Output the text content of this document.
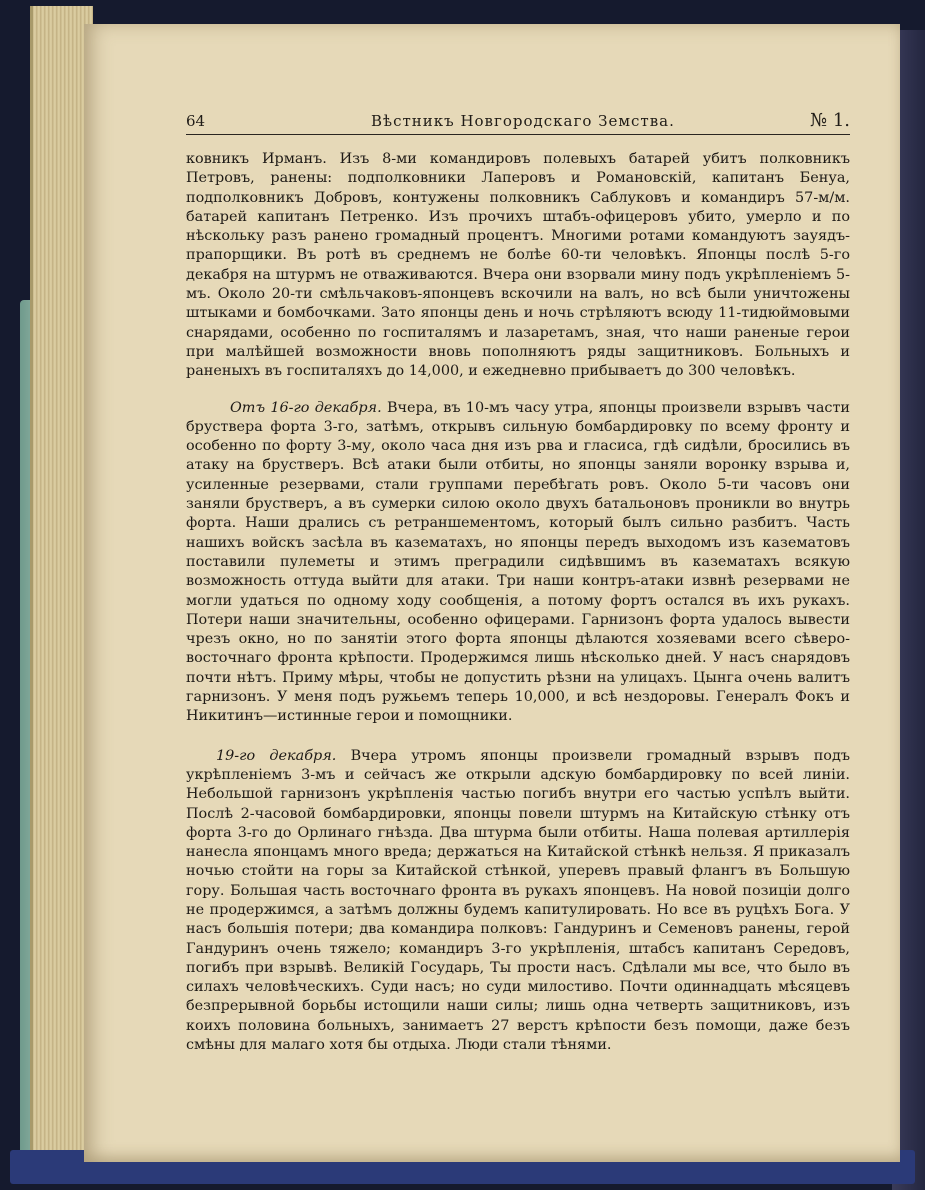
64	Вѣстникъ Новгородскаго Земства.	№ 1.

ковникъ Ирманъ. Изъ 8-ми командировъ полевыхъ батарей убитъ полковникъ Петровъ, ранены: подполковники Лаперовъ и Романовскій, капитанъ Бенуа, подполковникъ Добровъ, контужены полковникъ Саблуковъ и командиръ 57-м/м. батарей капитанъ Петренко. Изъ прочихъ штабъ-офицеровъ убито, умерло и по нѣскольку разъ ранено громадный процентъ. Многими ротами командуютъ зауядъ-прапорщики. Въ ротѣ въ среднемъ не болѣе 60-ти человѣкъ. Японцы послѣ 5-го декабря на штурмъ не отваживаются. Вчера они взорвали мину подъ укрѣпленіемъ 5-мъ. Около 20-ти смѣльчаковъ-японцевъ вскочили на валъ, но всѣ были уничтожены штыками и бомбочками. Зато японцы день и ночь стрѣляютъ всюду 11-тидюймовыми снарядами, особенно по госпиталямъ и лазаретамъ, зная, что наши раненые герои при малѣйшей возможности вновь пополняютъ ряды защитниковъ. Больныхъ и раненыхъ въ госпиталяхъ до 14,000, и ежедневно прибываетъ до 300 человѣкъ.

Отъ 16-го декабря. Вчера, въ 10-мъ часу утра, японцы произвели взрывъ части бруствера форта 3-го, затѣмъ, открывъ сильную бомбардировку по всему фронту и особенно по форту 3-му, около часа дня изъ рва и гласиса, гдѣ сидѣли, бросились въ атаку на брустверъ. Всѣ атаки были отбиты, но японцы заняли воронку взрыва и, усиленные резервами, стали группами перебѣгать ровъ. Около 5-ти часовъ они заняли брустверъ, а въ сумерки силою около двухъ батальоновъ проникли во внутрь форта. Наши дрались съ ретраншементомъ, который былъ сильно разбитъ. Часть нашихъ войскъ засѣла въ казематахъ, но японцы передъ выходомъ изъ казематовъ поставили пулеметы и этимъ преградили сидѣвшимъ въ казематахъ всякую возможность оттуда выйти для атаки. Три наши контръ-атаки извнѣ резервами не могли удаться по одному ходу сообщенія, а потому фортъ остался въ ихъ рукахъ. Потери наши значительны, особенно офицерами. Гарнизонъ форта удалось вывести чрезъ окно, но по занятіи этого форта японцы дѣлаются хозяевами всего сѣверо-восточнаго фронта крѣпости. Продержимся лишь нѣсколько дней. У насъ снарядовъ почти нѣтъ. Приму мѣры, чтобы не допустить рѣзни на улицахъ. Цынга очень валитъ гарнизонъ. У меня подъ ружьемъ теперь 10,000, и всѣ нездоровы. Генералъ Фокъ и Никитинъ—истинные герои и помощники.

19-го декабря. Вчера утромъ японцы произвели громадный взрывъ подъ укрѣпленіемъ 3-мъ и сейчасъ же открыли адскую бомбардировку по всей линіи. Небольшой гарнизонъ укрѣпленія частью погибъ внутри его частью успѣлъ выйти. Послѣ 2-часовой бомбардировки, японцы повели штурмъ на Китайскую стѣнку отъ форта 3-го до Орлинаго гнѣзда. Два штурма были отбиты. Наша полевая артиллерія нанесла японцамъ много вреда; держаться на Китайской стѣнкѣ нельзя. Я приказалъ ночью стойти на горы за Китайской стѣнкой, уперевъ правый флангъ въ Большую гору. Большая часть восточнаго фронта въ рукахъ японцевъ. На новой позиціи долго не продержимся, а затѣмъ должны будемъ капитулировать. Но все въ руцѣхъ Бога. У насъ большія потери; два командира полковъ: Гандуринъ и Семеновъ ранены, герой Гандуринъ очень тяжело; командиръ 3-го укрѣпленія, штабсъ капитанъ Середовъ, погибъ при взрывѣ. Великій Государь, Ты прости насъ. Сдѣлали мы все, что было въ силахъ человѣческихъ. Суди насъ; но суди милостиво. Почти одиннадцать мѣсяцевъ безпрерывной борьбы истощили наши силы; лишь одна четверть защитниковъ, изъ коихъ половина больныхъ, занимаетъ 27 верстъ крѣпости безъ помощи, даже безъ смѣны для малаго хотя бы отдыха. Люди стали тѣнями.
